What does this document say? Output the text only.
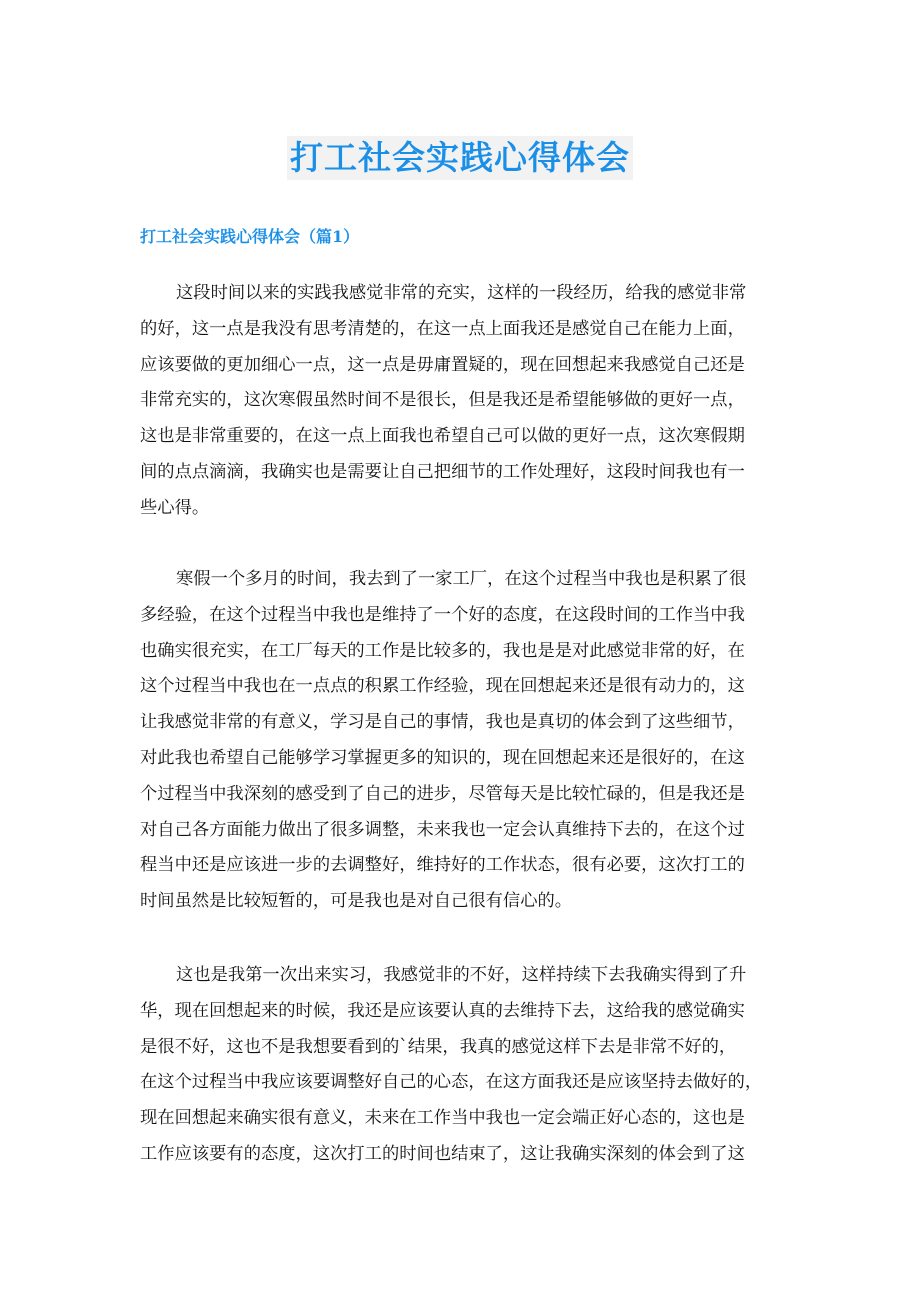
打工社会实践心得体会
打工社会实践心得体会（篇1）

这段时间以来的实践我感觉非常的充实，这样的一段经历，给我的感觉非常
的好，这一点是我没有思考清楚的，在这一点上面我还是感觉自己在能力上面，
应该要做的更加细心一点，这一点是毋庸置疑的，现在回想起来我感觉自己还是
非常充实的，这次寒假虽然时间不是很长，但是我还是希望能够做的更好一点，
这也是非常重要的，在这一点上面我也希望自己可以做的更好一点，这次寒假期
间的点点滴滴，我确实也是需要让自己把细节的工作处理好，这段时间我也有一
些心得。

寒假一个多月的时间，我去到了一家工厂，在这个过程当中我也是积累了很
多经验，在这个过程当中我也是维持了一个好的态度，在这段时间的工作当中我
也确实很充实，在工厂每天的工作是比较多的，我也是是对此感觉非常的好，在
这个过程当中我也在一点点的积累工作经验，现在回想起来还是很有动力的，这
让我感觉非常的有意义，学习是自己的事情，我也是真切的体会到了这些细节，
对此我也希望自己能够学习掌握更多的知识的，现在回想起来还是很好的，在这
个过程当中我深刻的感受到了自己的进步，尽管每天是比较忙碌的，但是我还是
对自己各方面能力做出了很多调整，未来我也一定会认真维持下去的，在这个过
程当中还是应该进一步的去调整好，维持好的工作状态，很有必要，这次打工的
时间虽然是比较短暂的，可是我也是对自己很有信心的。

这也是我第一次出来实习，我感觉非的不好，这样持续下去我确实得到了升
华，现在回想起来的时候，我还是应该要认真的去维持下去，这给我的感觉确实
是很不好，这也不是我想要看到的`结果，我真的感觉这样下去是非常不好的，
在这个过程当中我应该要调整好自己的心态，在这方面我还是应该坚持去做好的，
现在回想起来确实很有意义，未来在工作当中我也一定会端正好心态的，这也是
工作应该要有的态度，这次打工的时间也结束了，这让我确实深刻的体会到了这
